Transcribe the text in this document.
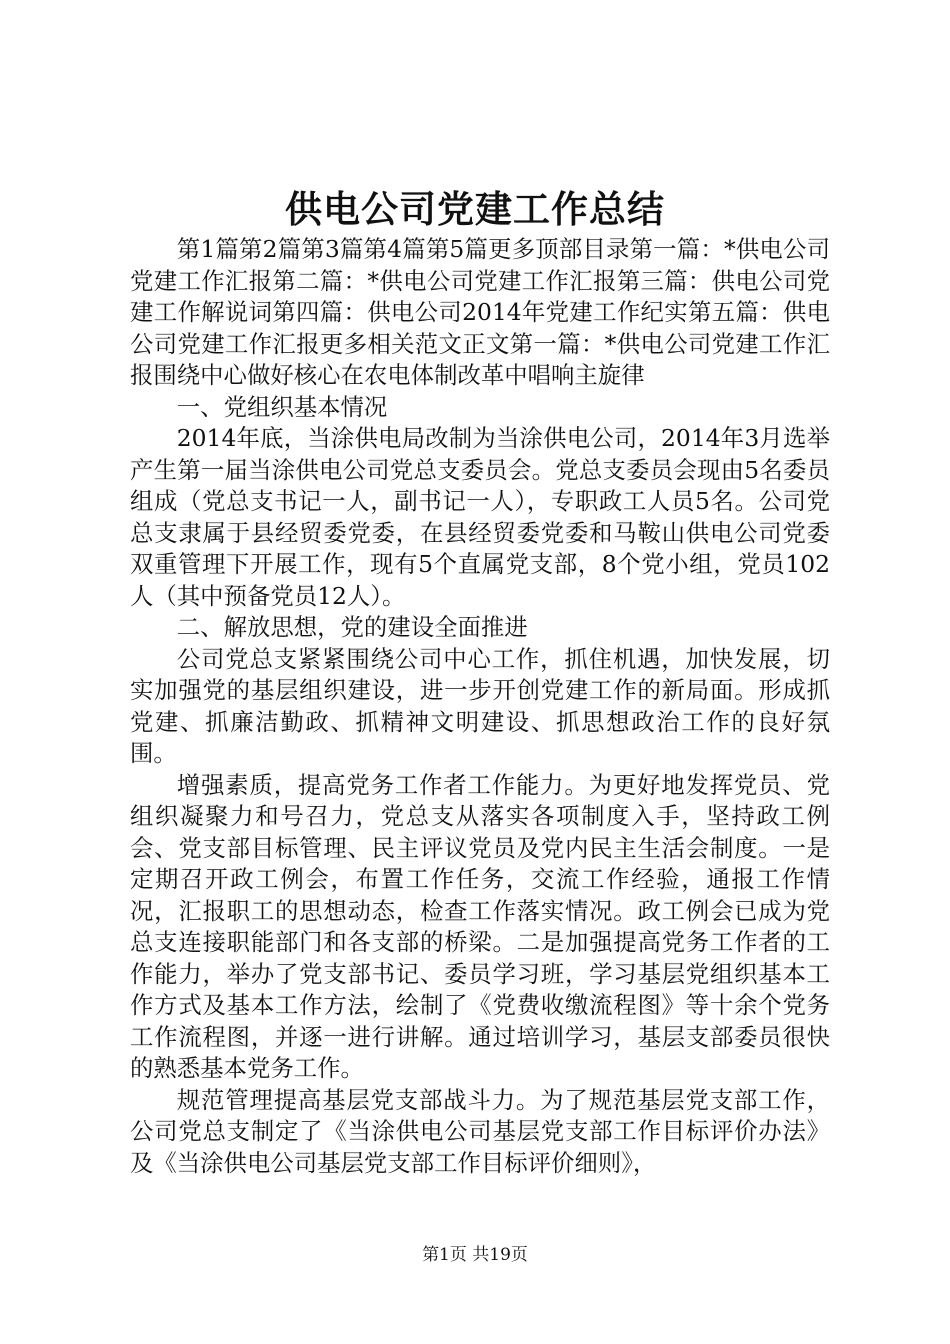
供电公司党建工作总结

第1篇第2篇第3篇第4篇第5篇更多顶部目录第一篇：*供电公司党建工作汇报第二篇：*供电公司党建工作汇报第三篇：供电公司党建工作解说词第四篇：供电公司2014年党建工作纪实第五篇：供电公司党建工作汇报更多相关范文正文第一篇：*供电公司党建工作汇报围绕中心做好核心在农电体制改革中唱响主旋律

一、党组织基本情况

2014年底，当涂供电局改制为当涂供电公司，2014年3月选举产生第一届当涂供电公司党总支委员会。党总支委员会现由5名委员组成（党总支书记一人，副书记一人），专职政工人员5名。公司党总支隶属于县经贸委党委，在县经贸委党委和马鞍山供电公司党委双重管理下开展工作，现有5个直属党支部，8个党小组，党员102人（其中预备党员12人）。

二、解放思想，党的建设全面推进

公司党总支紧紧围绕公司中心工作，抓住机遇，加快发展，切实加强党的基层组织建设，进一步开创党建工作的新局面。形成抓党建、抓廉洁勤政、抓精神文明建设、抓思想政治工作的良好氛围。

增强素质，提高党务工作者工作能力。为更好地发挥党员、党组织凝聚力和号召力，党总支从落实各项制度入手，坚持政工例会、党支部目标管理、民主评议党员及党内民主生活会制度。一是定期召开政工例会，布置工作任务，交流工作经验，通报工作情况，汇报职工的思想动态，检查工作落实情况。政工例会已成为党总支连接职能部门和各支部的桥梁。二是加强提高党务工作者的工作能力，举办了党支部书记、委员学习班，学习基层党组织基本工作方式及基本工作方法，绘制了《党费收缴流程图》等十余个党务工作流程图，并逐一进行讲解。通过培训学习，基层支部委员很快的熟悉基本党务工作。

规范管理提高基层党支部战斗力。为了规范基层党支部工作，公司党总支制定了《当涂供电公司基层党支部工作目标评价办法》及《当涂供电公司基层党支部工作目标评价细则》，

第1页 共19页
